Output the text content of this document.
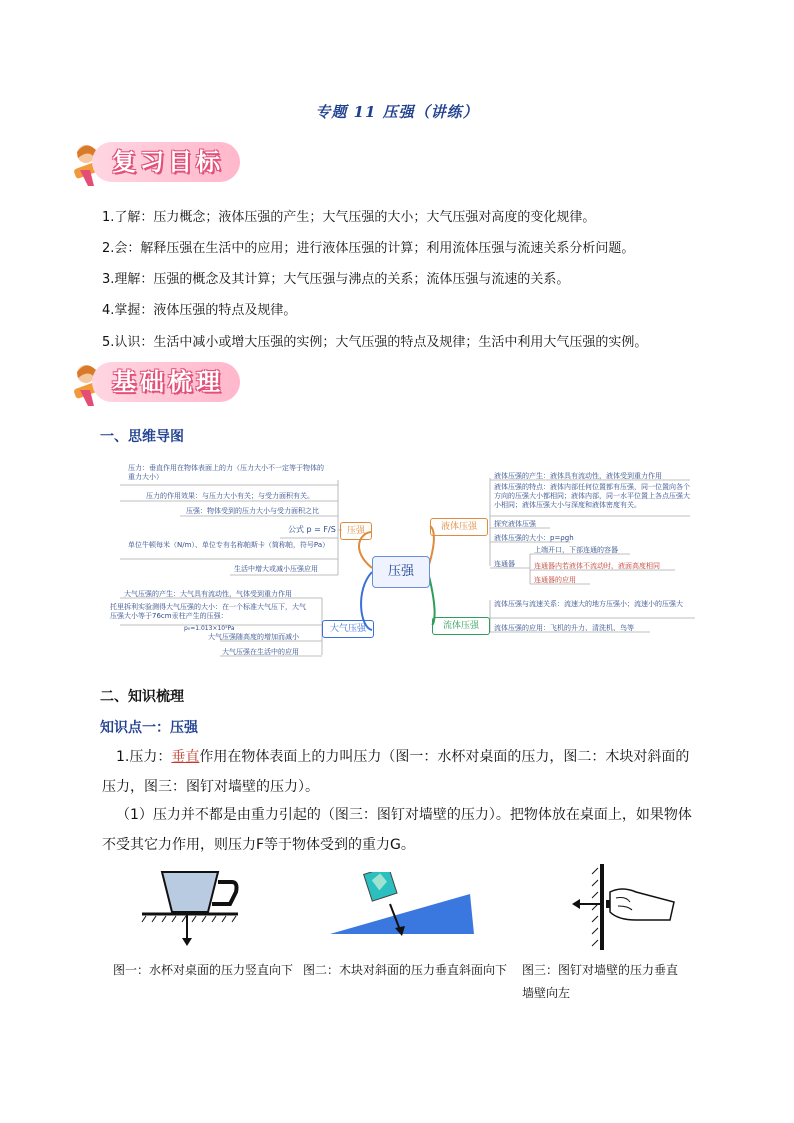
专题 11 压强（讲练）
复习目标
1.了解：压力概念；液体压强的产生；大气压强的大小；大气压强对高度的变化规律。
2.会：解释压强在生活中的应用；进行液体压强的计算；利用流体压强与流速关系分析问题。
3.理解：压强的概念及其计算；大气压强与沸点的关系；流体压强与流速的关系。
4.掌握：液体压强的特点及规律。
5.认识：生活中减小或增大压强的实例；大气压强的特点及规律；生活中利用大气压强的实例。
基础梳理
一、思维导图
压强
压强	液体压强
大气压强	流体压强
压力：垂直作用在物体表面上的力（压力大小不一定等于物体的重力大小）
压力的作用效果：与压力大小有关；与受力面积有关。
压强：物体受到的压力大小与受力面积之比
公式 p = F/S
单位牛顿每米（N/m）、单位专有名称帕斯卡（简称帕，符号Pa）
生活中增大或减小压强应用
大气压强的产生：大气具有流动性，气体受到重力作用
托里拆利实验测得大气压强的大小：在一个标准大气压下，大气压强大小等于76cm汞柱产生的压强：
p₀=1.013×10⁵Pa
大气压强随高度的增加而减小
大气压强在生活中的应用
液体压强的产生：液体具有流动性，液体受到重力作用
液体压强的特点：液体内部任何位置都有压强，同一位置向各个方向的压强大小都相同；液体内部，同一水平位置上各点压强大小相同；液体压强大小与深度和液体密度有关。
探究液体压强
液体压强的大小：p=ρgh
连通器
上端开口，下部连通的容器
连通器内若液体不流动时，液面高度相同
连通器的应用
流体压强与流速关系：流速大的地方压强小；流速小的压强大
流体压强的应用：飞机的升力、清洗机、鸟等
二、知识梳理
知识点一：压强
1.压力：垂直作用在物体表面上的力叫压力（图一：水杯对桌面的压力，图二：木块对斜面的压力，图三：图钉对墙壁的压力）。
（1）压力并不都是由重力引起的（图三：图钉对墙壁的压力）。把物体放在桌面上，如果物体不受其它力作用，则压力F等于物体受到的重力G。
图一：水杯对桌面的压力竖直向下 图二：木块对斜面的压力垂直斜面向下 图三：图钉对墙壁的压力垂直
墙壁向左
